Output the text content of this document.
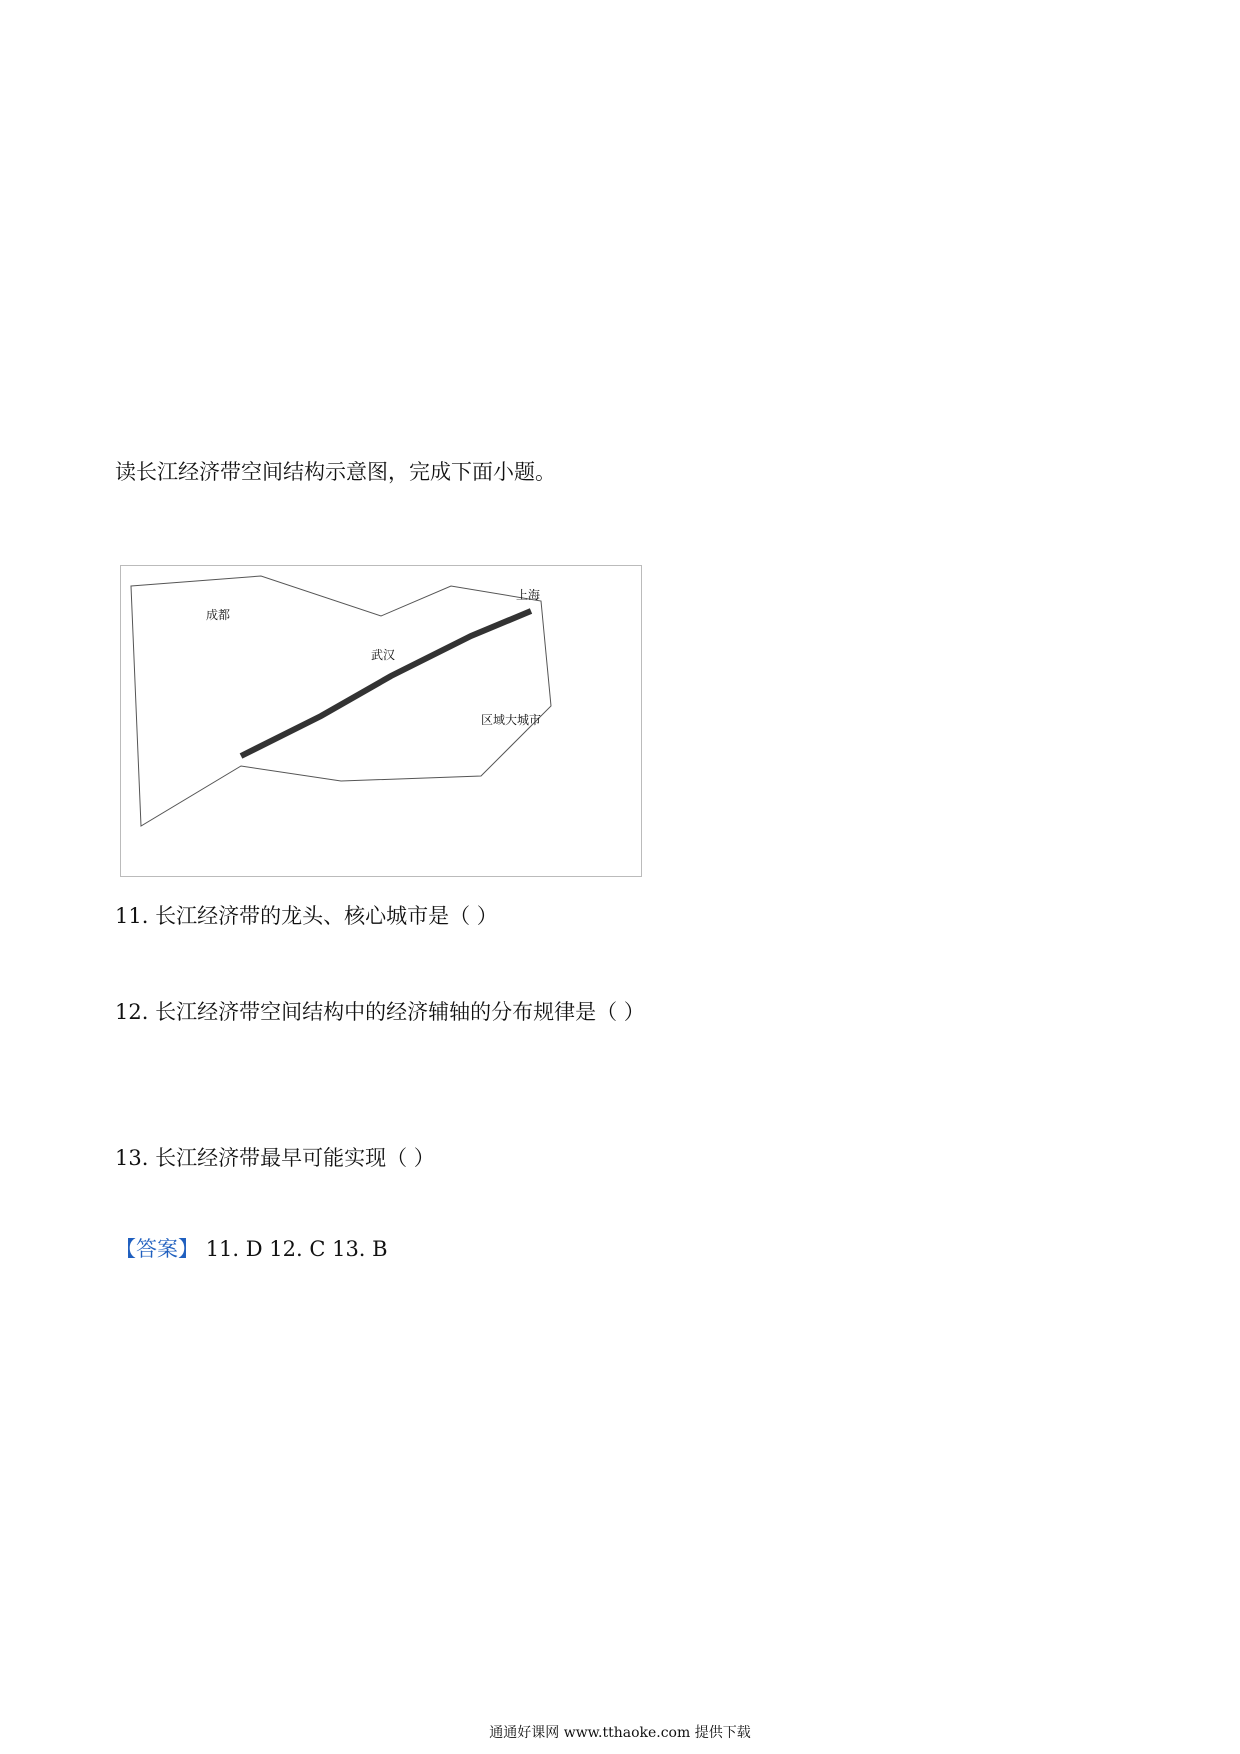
读长江经济带空间结构示意图，完成下面小题。
成都
武汉
上海
区域大城市
11. 长江经济带的龙头、核心城市是（ ）
12. 长江经济带空间结构中的经济辅轴的分布规律是（ ）
13. 长江经济带最早可能实现（ ）
【答案】 11. D 12. C 13. B
通通好课网 www.tthaoke.com 提供下载
